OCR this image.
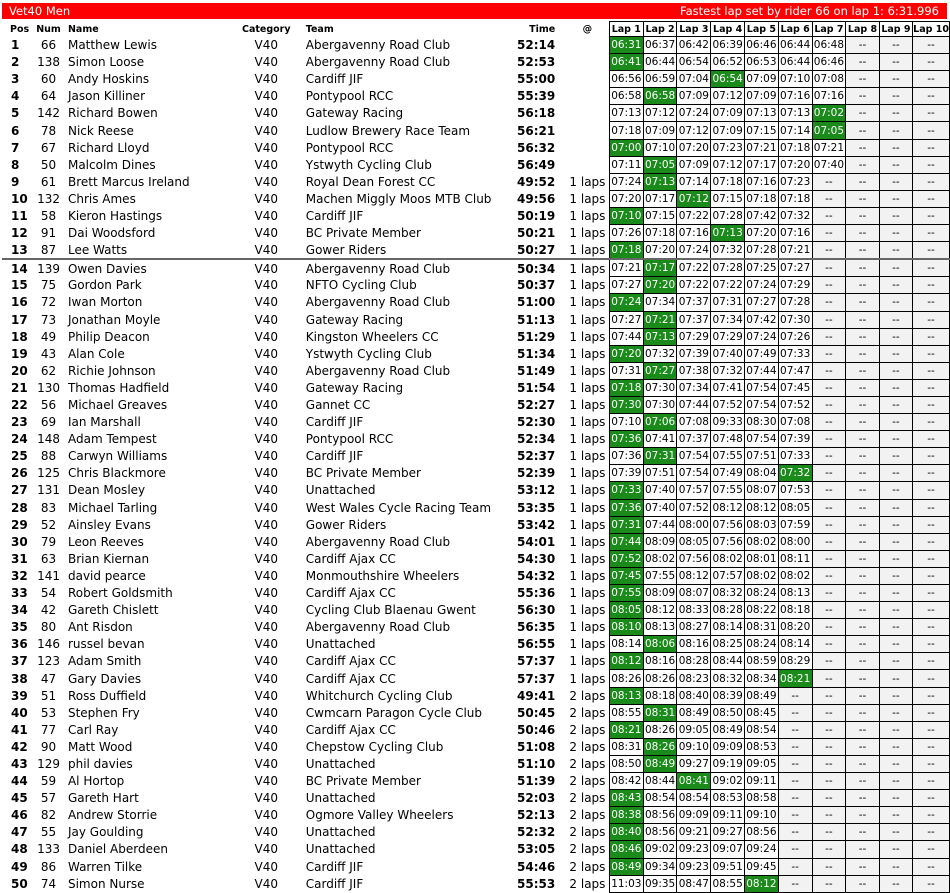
Vet40 Men	Fastest lap set by rider 66 on lap 1: 6:31.996
Pos	Num	Name	Category	Team	Time		@	Lap 1	Lap 2	Lap 3	Lap 4	Lap 5	Lap 6	Lap 7	Lap 8	Lap 9	Lap 10
1	66	Matthew Lewis	V40	Abergavenny Road Club	52:14			06:31	06:37	06:42	06:39	06:46	06:44	06:48	--	--	--
2	138	Simon Loose	V40	Abergavenny Road Club	52:53			06:41	06:44	06:54	06:52	06:53	06:44	06:46	--	--	--
3	60	Andy Hoskins	V40	Cardiff JIF	55:00			06:56	06:59	07:04	06:54	07:09	07:10	07:08	--	--	--
4	64	Jason Killiner	V40	Pontypool RCC	55:39			06:58	06:58	07:09	07:12	07:09	07:16	07:16	--	--	--
5	142	Richard Bowen	V40	Gateway Racing	56:18			07:13	07:12	07:24	07:09	07:13	07:13	07:02	--	--	--
6	78	Nick Reese	V40	Ludlow Brewery Race Team	56:21			07:18	07:09	07:12	07:09	07:15	07:14	07:05	--	--	--
7	67	Richard Lloyd	V40	Pontypool RCC	56:32			07:00	07:10	07:20	07:23	07:21	07:18	07:21	--	--	--
8	50	Malcolm Dines	V40	Ystwyth Cycling Club	56:49			07:11	07:05	07:09	07:12	07:17	07:20	07:40	--	--	--
9	61	Brett Marcus Ireland	V40	Royal Dean Forest CC	49:52		1 laps	07:24	07:13	07:14	07:18	07:16	07:23	--	--	--	--
10	132	Chris Ames	V40	Machen Miggly Moos MTB Club	49:56		1 laps	07:20	07:17	07:12	07:15	07:18	07:18	--	--	--	--
11	58	Kieron Hastings	V40	Cardiff JIF	50:19		1 laps	07:10	07:15	07:22	07:28	07:42	07:32	--	--	--	--
12	91	Dai Woodsford	V40	BC Private Member	50:21		1 laps	07:26	07:18	07:16	07:13	07:20	07:16	--	--	--	--
13	87	Lee Watts	V40	Gower Riders	50:27		1 laps	07:18	07:20	07:24	07:32	07:28	07:21	--	--	--	--
14	139	Owen Davies	V40	Abergavenny Road Club	50:34		1 laps	07:21	07:17	07:22	07:28	07:25	07:27	--	--	--	--
15	75	Gordon Park	V40	NFTO Cycling Club	50:37		1 laps	07:27	07:20	07:22	07:22	07:24	07:29	--	--	--	--
16	72	Iwan Morton	V40	Abergavenny Road Club	51:00		1 laps	07:24	07:34	07:37	07:31	07:27	07:28	--	--	--	--
17	73	Jonathan Moyle	V40	Gateway Racing	51:13		1 laps	07:27	07:21	07:37	07:34	07:42	07:30	--	--	--	--
18	49	Philip Deacon	V40	Kingston Wheelers CC	51:29		1 laps	07:44	07:13	07:29	07:29	07:24	07:26	--	--	--	--
19	43	Alan Cole	V40	Ystwyth Cycling Club	51:34		1 laps	07:20	07:32	07:39	07:40	07:49	07:33	--	--	--	--
20	62	Richie Johnson	V40	Abergavenny Road Club	51:49		1 laps	07:31	07:27	07:38	07:32	07:44	07:47	--	--	--	--
21	130	Thomas Hadfield	V40	Gateway Racing	51:54		1 laps	07:18	07:30	07:34	07:41	07:54	07:45	--	--	--	--
22	56	Michael Greaves	V40	Gannet CC	52:27		1 laps	07:30	07:30	07:44	07:52	07:54	07:52	--	--	--	--
23	69	Ian Marshall	V40	Cardiff JIF	52:30		1 laps	07:10	07:06	07:08	09:33	08:30	07:08	--	--	--	--
24	148	Adam Tempest	V40	Pontypool RCC	52:34		1 laps	07:36	07:41	07:37	07:48	07:54	07:39	--	--	--	--
25	88	Carwyn Williams	V40	Cardiff JIF	52:37		1 laps	07:36	07:31	07:54	07:55	07:51	07:33	--	--	--	--
26	125	Chris Blackmore	V40	BC Private Member	52:39		1 laps	07:39	07:51	07:54	07:49	08:04	07:32	--	--	--	--
27	131	Dean Mosley	V40	Unattached	53:12		1 laps	07:33	07:40	07:57	07:55	08:07	07:53	--	--	--	--
28	83	Michael Tarling	V40	West Wales Cycle Racing Team	53:35		1 laps	07:36	07:40	07:52	08:12	08:12	08:05	--	--	--	--
29	52	Ainsley Evans	V40	Gower Riders	53:42		1 laps	07:31	07:44	08:00	07:56	08:03	07:59	--	--	--	--
30	79	Leon Reeves	V40	Abergavenny Road Club	54:01		1 laps	07:44	08:09	08:05	07:56	08:02	08:00	--	--	--	--
31	63	Brian Kiernan	V40	Cardiff Ajax CC	54:30		1 laps	07:52	08:02	07:56	08:02	08:01	08:11	--	--	--	--
32	141	david pearce	V40	Monmouthshire Wheelers	54:32		1 laps	07:45	07:55	08:12	07:57	08:02	08:02	--	--	--	--
33	54	Robert Goldsmith	V40	Cardiff Ajax CC	55:36		1 laps	07:55	08:09	08:07	08:32	08:24	08:13	--	--	--	--
34	42	Gareth Chislett	V40	Cycling Club Blaenau Gwent	56:30		1 laps	08:05	08:12	08:33	08:28	08:22	08:18	--	--	--	--
35	80	Ant Risdon	V40	Abergavenny Road Club	56:35		1 laps	08:10	08:13	08:27	08:14	08:31	08:20	--	--	--	--
36	146	russel bevan	V40	Unattached	56:55		1 laps	08:14	08:06	08:16	08:25	08:24	08:14	--	--	--	--
37	123	Adam Smith	V40	Cardiff Ajax CC	57:37		1 laps	08:12	08:16	08:28	08:44	08:59	08:29	--	--	--	--
38	47	Gary Davies	V40	Cardiff Ajax CC	57:37		1 laps	08:26	08:26	08:23	08:32	08:34	08:21	--	--	--	--
39	51	Ross Duffield	V40	Whitchurch Cycling Club	49:41		2 laps	08:13	08:18	08:40	08:39	08:49	--	--	--	--	--
40	53	Stephen Fry	V40	Cwmcarn Paragon Cycle Club	50:45		2 laps	08:55	08:31	08:49	08:50	08:45	--	--	--	--	--
41	77	Carl Ray	V40	Cardiff Ajax CC	50:46		2 laps	08:21	08:26	09:05	08:49	08:54	--	--	--	--	--
42	90	Matt Wood	V40	Chepstow Cycling Club	51:08		2 laps	08:31	08:26	09:10	09:09	08:53	--	--	--	--	--
43	129	phil davies	V40	Unattached	51:10		2 laps	08:50	08:49	09:27	09:19	09:05	--	--	--	--	--
44	59	Al Hortop	V40	BC Private Member	51:39		2 laps	08:42	08:44	08:41	09:02	09:11	--	--	--	--	--
45	57	Gareth Hart	V40	Unattached	52:03		2 laps	08:43	08:54	08:54	08:53	08:58	--	--	--	--	--
46	82	Andrew Storrie	V40	Ogmore Valley Wheelers	52:13		2 laps	08:38	08:56	09:09	09:11	09:10	--	--	--	--	--
47	55	Jay Goulding	V40	Unattached	52:32		2 laps	08:40	08:56	09:21	09:27	08:56	--	--	--	--	--
48	133	Daniel Aberdeen	V40	Unattached	53:05		2 laps	08:46	09:02	09:23	09:07	09:24	--	--	--	--	--
49	86	Warren Tilke	V40	Cardiff JIF	54:46		2 laps	08:49	09:34	09:23	09:51	09:45	--	--	--	--	--
50	74	Simon Nurse	V40	Cardiff JIF	55:53		2 laps	11:03	09:35	08:47	08:55	08:12	--	--	--	--	--
